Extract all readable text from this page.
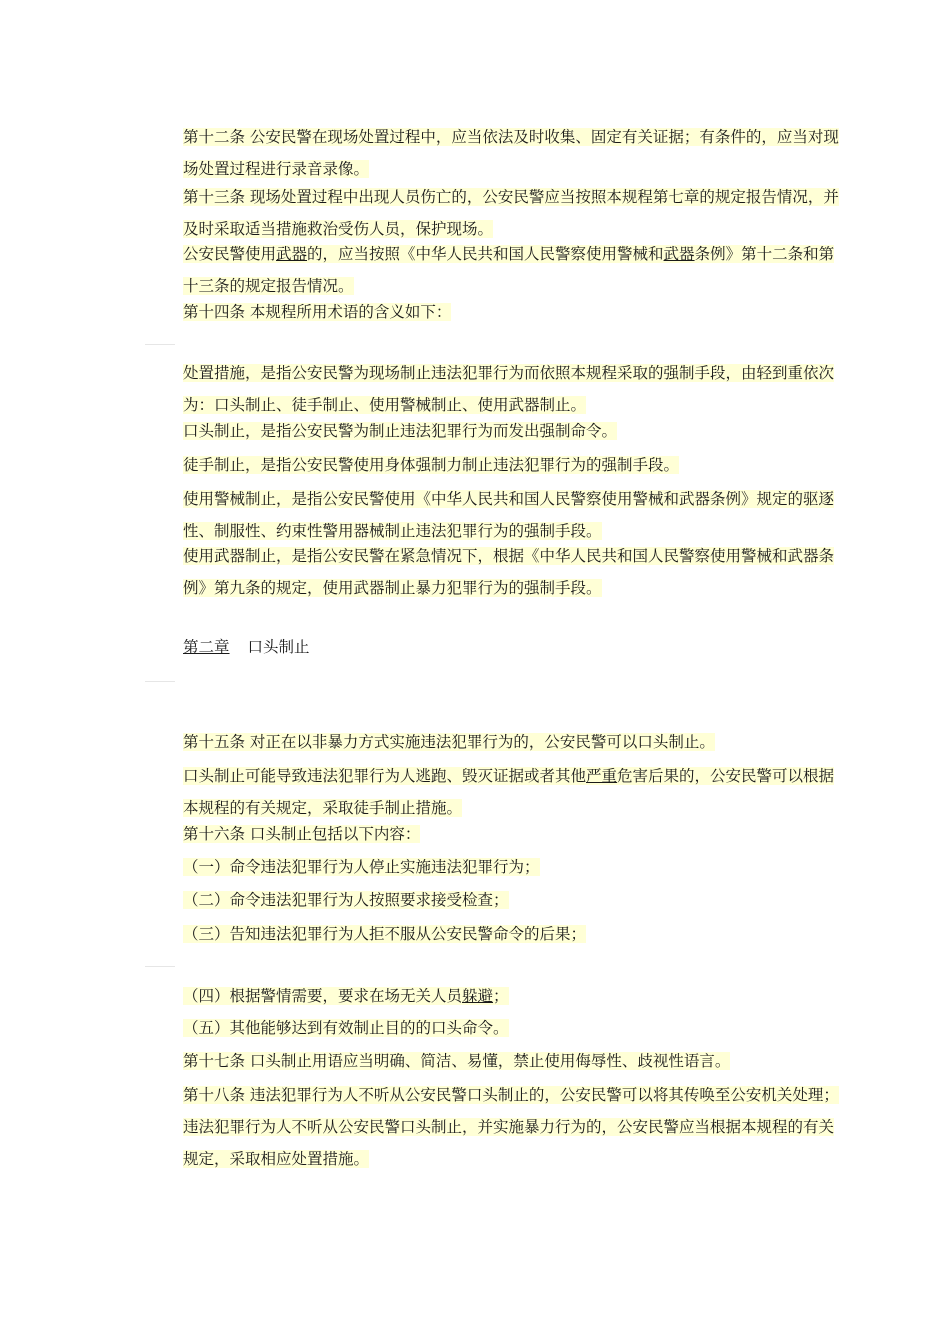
第十二条 公安民警在现场处置过程中，应当依法及时收集、固定有关证据；有条件的，应当对现场处置过程进行录音录像。
第十三条 现场处置过程中出现人员伤亡的，公安民警应当按照本规程第七章的规定报告情况，并及时采取适当措施救治受伤人员，保护现场。
公安民警使用武器的，应当按照《中华人民共和国人民警察使用警械和武器条例》第十二条和第十三条的规定报告情况。
第十四条 本规程所用术语的含义如下：
处置措施，是指公安民警为现场制止违法犯罪行为而依照本规程采取的强制手段，由轻到重依次为：口头制止、徒手制止、使用警械制止、使用武器制止。
口头制止，是指公安民警为制止违法犯罪行为而发出强制命令。
徒手制止，是指公安民警使用身体强制力制止违法犯罪行为的强制手段。
使用警械制止，是指公安民警使用《中华人民共和国人民警察使用警械和武器条例》规定的驱逐性、制服性、约束性警用器械制止违法犯罪行为的强制手段。
使用武器制止，是指公安民警在紧急情况下，根据《中华人民共和国人民警察使用警械和武器条例》第九条的规定，使用武器制止暴力犯罪行为的强制手段。
第二章 口头制止
第十五条 对正在以非暴力方式实施违法犯罪行为的，公安民警可以口头制止。
口头制止可能导致违法犯罪行为人逃跑、毁灭证据或者其他严重危害后果的，公安民警可以根据本规程的有关规定，采取徒手制止措施。
第十六条 口头制止包括以下内容：
（一）命令违法犯罪行为人停止实施违法犯罪行为；
（二）命令违法犯罪行为人按照要求接受检查；
（三）告知违法犯罪行为人拒不服从公安民警命令的后果；
（四）根据警情需要，要求在场无关人员躲避；
（五）其他能够达到有效制止目的的口头命令。
第十七条 口头制止用语应当明确、简洁、易懂，禁止使用侮辱性、歧视性语言。
第十八条 违法犯罪行为人不听从公安民警口头制止的，公安民警可以将其传唤至公安机关处理；违法犯罪行为人不听从公安民警口头制止，并实施暴力行为的，公安民警应当根据本规程的有关规定，采取相应处置措施。
